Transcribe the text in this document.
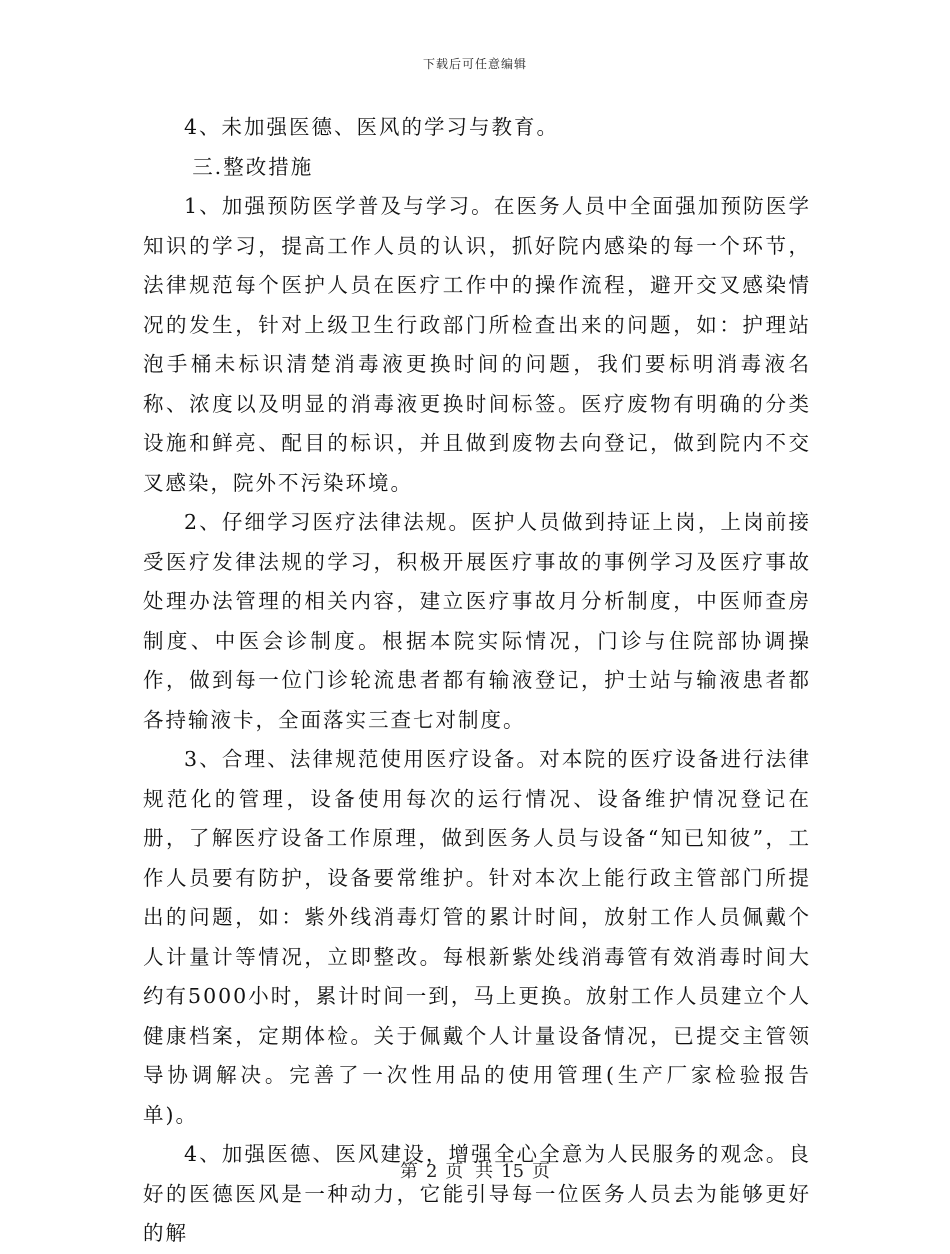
下载后可任意编辑

4、未加强医德、医风的学习与教育。

三.整改措施

1、加强预防医学普及与学习。在医务人员中全面强加预防医学知识的学习，提高工作人员的认识，抓好院内感染的每一个环节，法律规范每个医护人员在医疗工作中的操作流程，避开交叉感染情况的发生，针对上级卫生行政部门所检查出来的问题，如：护理站泡手桶未标识清楚消毒液更换时间的问题，我们要标明消毒液名称、浓度以及明显的消毒液更换时间标签。医疗废物有明确的分类设施和鲜亮、配目的标识，并且做到废物去向登记，做到院内不交叉感染，院外不污染环境。

2、仔细学习医疗法律法规。医护人员做到持证上岗，上岗前接受医疗发律法规的学习，积极开展医疗事故的事例学习及医疗事故处理办法管理的相关内容，建立医疗事故月分析制度，中医师查房制度、中医会诊制度。根据本院实际情况，门诊与住院部协调操作，做到每一位门诊轮流患者都有输液登记，护士站与输液患者都各持输液卡，全面落实三查七对制度。

3、合理、法律规范使用医疗设备。对本院的医疗设备进行法律规范化的管理，设备使用每次的运行情况、设备维护情况登记在册，了解医疗设备工作原理，做到医务人员与设备“知已知彼”，工作人员要有防护，设备要常维护。针对本次上能行政主管部门所提出的问题，如：紫外线消毒灯管的累计时间，放射工作人员佩戴个人计量计等情况，立即整改。每根新紫处线消毒管有效消毒时间大约有5000小时，累计时间一到，马上更换。放射工作人员建立个人健康档案，定期体检。关于佩戴个人计量设备情况，已提交主管领导协调解决。完善了一次性用品的使用管理(生产厂家检验报告单)。

4、加强医德、医风建设，增强全心全意为人民服务的观念。良好的医德医风是一种动力，它能引导每一位医务人员去为能够更好的解

第 2 页 共 15 页
